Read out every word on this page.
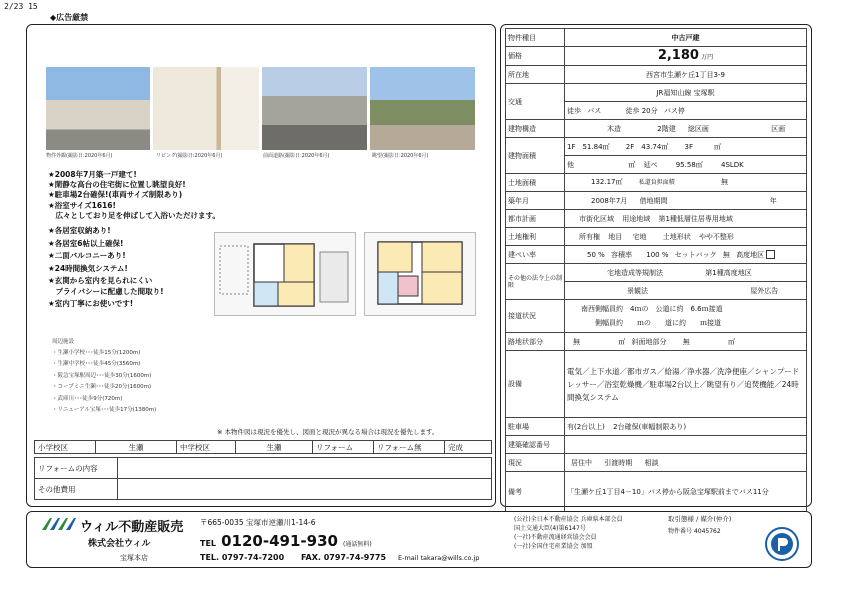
2/23 15
◆広告厳禁
物件外観(撮影日:2020年6月)	リビング(撮影日:2020年6月)	前面道路(撮影日:2020年6月)	眺望(撮影日:2020年6月)
★2008年7月築一戸建て!
★閑静な高台の住宅街に位置し眺望良好!
★駐車場2台確保!(車両サイズ制限あり)
★浴室サイズ1616!
　広々としており足を伸ばして入浴いただけます。
★各居室収納あり!
★各居室6帖以上確保!
★二面バルコニーあり!
★24時間換気システム!
★玄関から室内を見られにくい
　プライバシーに配慮した間取り!
★室内丁寧にお使いです!
周辺施設
・生瀬小学校･･･徒歩15分(1200m)
・生瀬中学校･･･徒歩45分(3560m)
・阪急宝塚駅周辺･･･徒歩30分(1600m)
・コープミニ生瀬･･･徒歩20分(1600m)
・武庫川･･･徒歩9分(720m)
・リニューアル宝塚･･･徒歩17分(1380m)
※ 本物件図は現況を優先し、図面と現況が異なる場合は現況を優先します。
小学校区	生瀬	中学校区	生瀬	リフォーム	リフォーム無	完成
リフォームの内容	
その他費用	
物件種目	中古戸建
価格	2,180 万円
所在地	西宮市生瀬ケ丘1丁目3-9
交通	JR福知山線 宝塚駅
	徒歩 バス 徒歩 20分 バス停
建物構造	木造 2階建 総区画 区画
建物面積	1F　51.84㎡ 2F　43.74㎡ 3F　　　㎡
	他 ㎡ 延べ 95.58㎡ 4SLDK
土地面積	132.17㎡ 私道負担面積 無
築年月	2008年7月 借地期間 年
都市計画	市街化区域 用途地域 第1種低層住居専用地域
土地権利	所有権 地目 宅地 土地形状 やや不整形
建ぺい率	50 % 容積率 100 % セットバック 無 高度地区
その他の法令上の制限	宅地造成等規制法 第1種高度地区
	景観法 屋外広告
接道状況	南西側幅員約　4ｍの　公道に約　6.6ｍ接道
側幅員約　　ｍの　　道に約　　ｍ接道

路地状部分	無 ㎡ 斜面地部分 無 ㎡
設備	電気／上下水道／都市ガス／給湯／浄水器／洗浄便座／シャンプードレッサー／浴室乾燥機／駐車場2台以上／眺望有り／追焚機能／24時間換気システム
駐車場	有(2台以上) 2台確保(車幅制限あり)
建築確認番号	
現況	居住中 引渡時期 相談
備考	「生瀬ケ丘1丁目4－10」バス停から阪急宝塚駅前までバス11分
ウィル不動産販売
株式会社ウィル
宝塚本店
〒665-0035 宝塚市逆瀬川1-14-6
TEL 0120-491-930 (通話無料)
TEL. 0797-74-7200 FAX. 0797-74-9775 E-mail takara@wills.co.jp
(公社)全日本不動産協会 兵庫県本部会員
国土交通大臣(4)第6147号
(一社)不動産流通経営協会会員
(一社)全国住宅産業協会 加盟
取引態様 / 媒介(仲介)
物件番号 4045762
